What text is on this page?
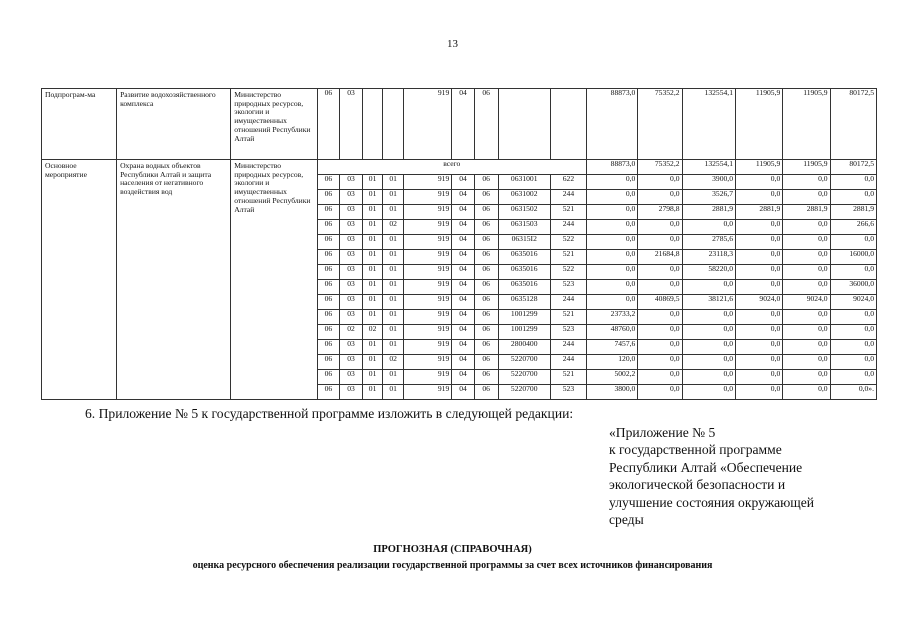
13
Подпрограм-ма	Развитие водохозяйственного комплекса	Министерство природных ресурсов, экологии и имущественных отношений Республики Алтай	06	03			919	04	06			88873,0	75352,2	132554,1	11905,9	11905,9	80172,5
Основное мероприятие	Охрана водных объектов Республики Алтай и защита населения от негативного воздействия вод	Министерство природных ресурсов, экологии и имущественных отношений Республики Алтай	всего									88873,0	75352,2	132554,1	11905,9	11905,9	80172,5
			06	03	01	01	919	04	06	0631001	622	0,0	0,0	3900,0	0,0	0,0	0,0
			06	03	01	01	919	04	06	0631002	244	0,0	0,0	3526,7	0,0	0,0	0,0
			06	03	01	01	919	04	06	0631502	521	0,0	2798,8	2881,9	2881,9	2881,9	2881,9
			06	03	01	02	919	04	06	0631503	244	0,0	0,0	0,0	0,0	0,0	266,6
			06	03	01	01	919	04	06	06315I2	522	0,0	0,0	2785,6	0,0	0,0	0,0
			06	03	01	01	919	04	06	0635016	521	0,0	21684,8	23118,3	0,0	0,0	16000,0
			06	03	01	01	919	04	06	0635016	522	0,0	0,0	58220,0	0,0	0,0	0,0
			06	03	01	01	919	04	06	0635016	523	0,0	0,0	0,0	0,0	0,0	36000,0
			06	03	01	01	919	04	06	0635128	244	0,0	40869,5	38121,6	9024,0	9024,0	9024,0
			06	03	01	01	919	04	06	1001299	521	23733,2	0,0	0,0	0,0	0,0	0,0
			06	02	02	01	919	04	06	1001299	523	48760,0	0,0	0,0	0,0	0,0	0,0
			06	03	01	01	919	04	06	2800400	244	7457,6	0,0	0,0	0,0	0,0	0,0
			06	03	01	02	919	04	06	5220700	244	120,0	0,0	0,0	0,0	0,0	0,0
			06	03	01	01	919	04	06	5220700	521	5002,2	0,0	0,0	0,0	0,0	0,0
			06	03	01	01	919	04	06	5220700	523	3800,0	0,0	0,0	0,0	0,0	0,0».
6. Приложение № 5 к государственной программе изложить в следующей редакции:
«Приложение № 5
к государственной программе
Республики Алтай «Обеспечение
экологической безопасности и
улучшение состояния окружающей
среды
ПРОГНОЗНАЯ (СПРАВОЧНАЯ)
оценка ресурсного обеспечения реализации государственной программы за счет всех источников финансирования
